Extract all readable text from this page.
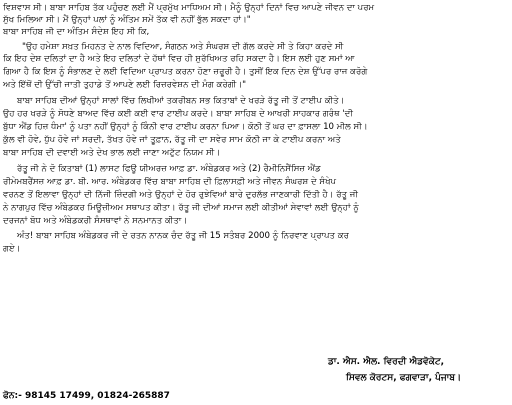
ਵਿਸ਼ਵਾਸ ਸੀ। ਬਾਬਾ ਸਾਹਿਬ ਤੱਕ ਪਹੁੰਚਣ ਲਈ ਮੈਂ ਪ੍ਰਮੁੱਖ ਮਾਧਿਅਮ ਸੀ। ਮੈਨੂੰ ਉਨ੍ਹਾਂ ਦਿਨਾਂ ਵਿਚ ਆਪਣੇ ਜੀਵਨ ਦਾ ਪਰਮ
ਸੁੱਖ ਮਿਲਿਆ ਸੀ। ਮੈਂ ਉਨ੍ਹਾਂ ਪਲਾਂ ਨੂੰ ਅੰਤਿਮ ਸਮੇਂ ਤੱਕ ਵੀ ਨਹੀਂ ਭੁੱਲ ਸਕਦਾ ਹਾਂ।"
ਬਾਬਾ ਸਾਹਿਬ ਜੀ ਦਾ ਅੰਤਿਮ ਸੰਦੇਸ਼ ਇਹ ਸੀ ਕਿ,
"ਉਹ ਹਮੇਸ਼ਾ ਸਖ਼ਤ ਮਿਹਨਤ ਦੇ ਨਾਲ ਵਿਦਿਆ, ਸੰਗਠਨ ਅਤੇ ਸੰਘਰਸ਼ ਦੀ ਗੱਲ ਕਰਦੇ ਸੀ ਤੇ ਕਿਹਾ ਕਰਦੇ ਸੀ
ਕਿ ਇਹ ਦੇਸ਼ ਦਲਿਤਾਂ ਦਾ ਹੈ ਅਤੇ ਇਹ ਦਲਿਤਾਂ ਦੇ ਹੱਥਾਂ ਵਿਚ ਹੀ ਸੁਰੱਖਿਅਤ ਰਹਿ ਸਕਦਾ ਹੈ। ਇਸ ਲਈ ਹੁਣ ਸਮਾਂ ਆ
ਗਿਆ ਹੈ ਕਿ ਇਸ ਨੂੰ ਸੰਭਾਲਣ ਦੇ ਲਈ ਵਿਦਿਆ ਪ੍ਰਾਪਤ ਕਰਨਾ ਹੋਣਾ ਜ਼ਰੂਰੀ ਹੈ। ਤੁਸੀਂ ਇਕ ਦਿਨ ਦੇਸ਼ ਉੱਪਰ ਰਾਜ ਕਰੋਗੇ
ਅਤੇ ਇੱਥੋਂ ਦੀ ਉੱਚੀ ਜਾਤੀ ਤੁਹਾਡੇ ਤੋਂ ਆਪਣੇ ਲਈ ਰਿਜ਼ਰਵੇਸ਼ਨ ਦੀ ਮੰਗ ਕਰੇਗੀ।"
ਬਾਬਾ ਸਾਹਿਬ ਦੀਆਂ ਉਨ੍ਹਾਂ ਸਾਲਾਂ ਵਿੱਚ ਲਿਖੀਆਂ ਤਕਰੀਬਨ ਸਭ ਕਿਤਾਬਾਂ ਦੇ ਖਰੜੇ ਰੱਤੂ ਜੀ ਤੋਂ ਟਾਈਪ ਕੀਤੇ।
ਉਹ ਹਰ ਖਰੜੇ ਨੂੰ ਸੋਧਣੇ ਬਾਅਦ ਵਿੱਚ ਕਈ ਕਈ ਵਾਰ ਟਾਈਪ ਕਰਦੇ। ਬਾਬਾ ਸਾਹਿਬ ਦੇ ਆਖਰੀ ਸਾਹਕਾਰ ਗਰੰਥ 'ਦੀ
ਬੁੱਧਾ ਐਂਡ ਹਿਜ਼ ਧੰਮਾ' ਨੂੰ ਪਤਾ ਨਹੀਂ ਉਨ੍ਹਾਂ ਨੂੰ ਕਿੰਨੀ ਵਾਰ ਟਾਈਪ ਕਰਨਾ ਪਿਆ। ਕੋਠੀ ਤੋਂ ਘਰ ਦਾ ਫ਼ਾਸਲਾ 10 ਮੀਲ ਸੀ।
ਕੁੱਲ ਵੀ ਹੋਵੇ, ਧੁੱਪ ਹੋਵੇ ਜਾਂ ਸਰਦੀ, ਤੱਖਤ ਹੋਵੇ ਜਾਂ ਤੂਫ਼ਾਨ, ਰੱਤੂ ਜੀ ਦਾ ਸਵੇਰ ਸਾਮ ਕੋਠੀ ਜਾ ਕੇ ਟਾਈਪ ਕਰਨਾ ਅਤੇ
ਬਾਬਾ ਸਾਹਿਬ ਦੀ ਦਵਾਈ ਅਤੇ ਦੇਖ ਭਾਲ ਲਈ ਜਾਣਾ ਅਟੁੱਟ ਨਿਯਮ ਸੀ।
ਰੱਤੂ ਜੀ ਨੇ ਦੋ ਕਿਤਾਬਾਂ (1) ਲਾਸਟ ਫਿਊ ਯੀਅਰਜ਼ ਆਫ਼ ਡਾ. ਅੰਬੇਡਕਰ ਅਤੇ (2) ਰੈਮੀਨਿਸੈਂਸਿਜ਼ ਐਂਡ
ਰੀਮੇਮਬਰੈਂਸਜ਼ ਆਫ਼ ਡਾ. ਬੀ. ਆਰ. ਅੰਬੇਡਕਰ ਵਿੱਚ ਬਾਬਾ ਸਾਹਿਬ ਦੀ ਫ਼ਿਲਾਸਫ਼ੀ ਅਤੇ ਜੀਵਨ ਸੰਘਰਸ਼ ਦੇ ਸੰਖੇਪ
ਵਰਨਣ ਤੋਂ ਇਲਾਵਾ ਉਨ੍ਹਾਂ ਦੀ ਨਿੱਜੀ ਜ਼ਿੰਦਗੀ ਅਤੇ ਉਨ੍ਹਾਂ ਦੇ ਹੋਰ ਰੁਝੇਵਿਆਂ ਬਾਰੇ ਦੁਰਲੱਭ ਜਾਣਕਾਰੀ ਦਿੱਤੀ ਹੈ। ਰੱਤੂ ਜੀ
ਨੇ ਨਾਗਪੁਰ ਵਿੱਚ ਅੰਬੇਡਕਰ ਮਿਊਜ਼ੀਅਮ ਸਥਾਪਤ ਕੀਤਾ। ਰੱਤੂ ਜੀ ਦੀਆਂ ਸਮਾਜ ਲਈ ਕੀਤੀਆਂ ਸੇਵਾਵਾਂ ਲਈ ਉਨ੍ਹਾਂ ਨੂੰ
ਦਰਜਨਾਂ ਬੋਧ ਅਤੇ ਅੰਬੇਡਕਰੀ ਸੰਸਥਾਵਾਂ ਨੇ ਸਨਮਾਨਤ ਕੀਤਾ।
ਅੰਤ! ਬਾਬਾ ਸਾਹਿਬ ਅੰਬੇਡਕਰ ਜੀ ਦੇ ਰਤਨ ਨਾਨਕ ਚੰਦ ਰੱਤੂ ਜੀ 15 ਸਤੰਬਰ 2000 ਨੂੰ ਨਿਰਵਾਣ ਪ੍ਰਾਪਤ ਕਰ
ਗਏ।
ਡਾ. ਐਸ. ਐਲ. ਵਿਰਦੀ ਐਡਵੋਕੇਟ,
ਸਿਵਲ ਕੋਰਟਸ, ਫਗਵਾੜਾ, ਪੰਜਾਬ।
ਫੋਨ:- 98145 17499, 01824-265887
